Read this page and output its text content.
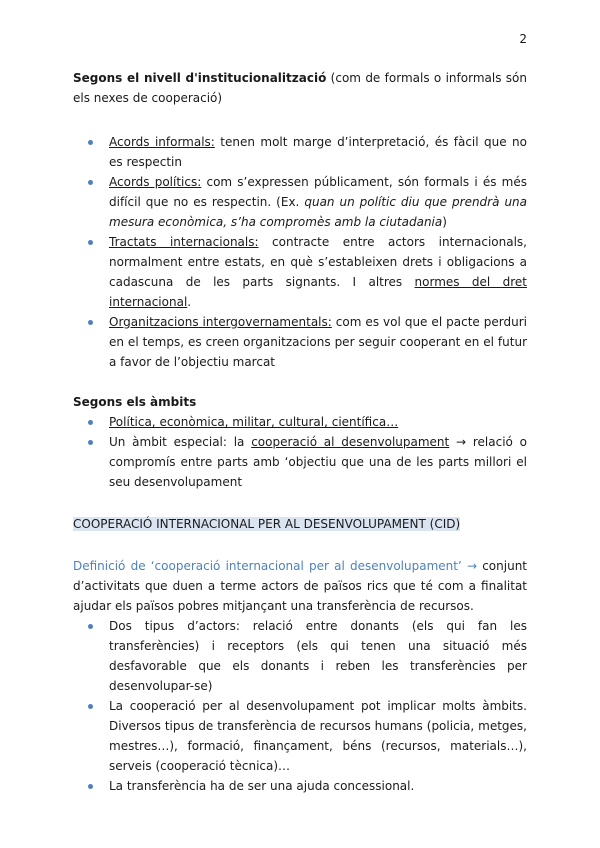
2

Segons el nivell d'institucionalització (com de formals o informals són els nexes de cooperació)

Acords informals: tenen molt marge d’interpretació, és fàcil que no es respectin
Acords polítics: com s’expressen públicament, són formals i és més difícil que no es respectin. (Ex. quan un polític diu que prendrà una mesura econòmica, s’ha compromès amb la ciutadania)
Tractats internacionals: contracte entre actors internacionals, normalment entre estats, en què s’estableixen drets i obligacions a cadascuna de les parts signants. I altres normes del dret internacional.
Organitzacions intergovernamentals: com es vol que el pacte perduri en el temps, es creen organitzacions per seguir cooperant en el futur a favor de l’objectiu marcat

Segons els àmbits

Política, econòmica, militar, cultural, científica…
Un àmbit especial: la cooperació al desenvolupament → relació o compromís entre parts amb ‘objectiu que una de les parts millori el seu desenvolupament

COOPERACIÓ INTERNACIONAL PER AL DESENVOLUPAMENT (CID)

Definició de ‘cooperació internacional per al desenvolupament’ → conjunt d’activitats que duen a terme actors de països rics que té com a finalitat ajudar els països pobres mitjançant una transferència de recursos.

Dos tipus d’actors: relació entre donants (els qui fan les transferències) i receptors (els qui tenen una situació més desfavorable que els donants i reben les transferències per desenvolupar-se)
La cooperació per al desenvolupament pot implicar molts àmbits. Diversos tipus de transferència de recursos humans (policia, metges, mestres…), formació, finançament, béns (recursos, materials…), serveis (cooperació tècnica)…
La transferència ha de ser una ajuda concessional.
